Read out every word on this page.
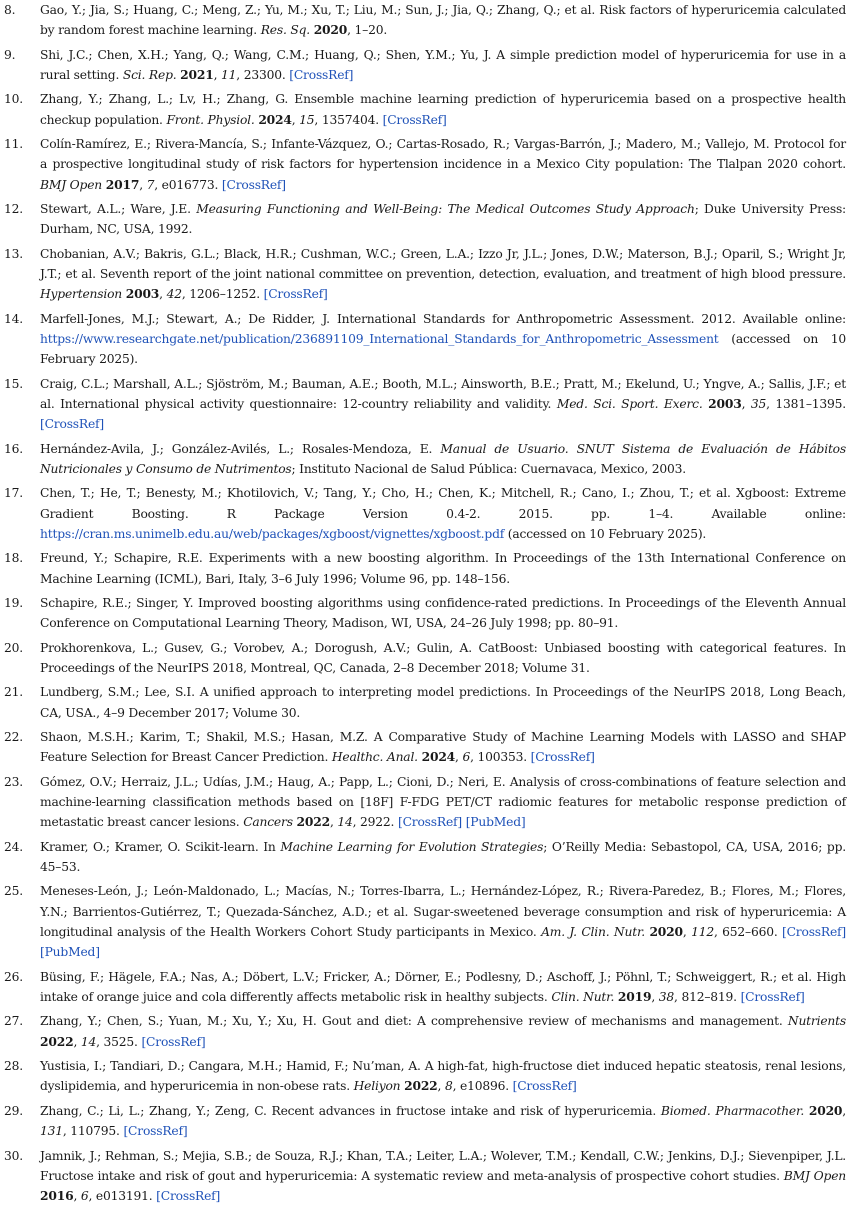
8.	Gao, Y.; Jia, S.; Huang, C.; Meng, Z.; Yu, M.; Xu, T.; Liu, M.; Sun, J.; Jia, Q.; Zhang, Q.; et al. Risk factors of hyperuricemia calculated by random forest machine learning. Res. Sq. 2020, 1–20.
9.	Shi, J.C.; Chen, X.H.; Yang, Q.; Wang, C.M.; Huang, Q.; Shen, Y.M.; Yu, J. A simple prediction model of hyperuricemia for use in a rural setting. Sci. Rep. 2021, 11, 23300. [CrossRef]
10.	Zhang, Y.; Zhang, L.; Lv, H.; Zhang, G. Ensemble machine learning prediction of hyperuricemia based on a prospective health checkup population. Front. Physiol. 2024, 15, 1357404. [CrossRef]
11.	Colín-Ramírez, E.; Rivera-Mancía, S.; Infante-Vázquez, O.; Cartas-Rosado, R.; Vargas-Barrón, J.; Madero, M.; Vallejo, M. Protocol for a prospective longitudinal study of risk factors for hypertension incidence in a Mexico City population: The Tlalpan 2020 cohort. BMJ Open 2017, 7, e016773. [CrossRef]
12.	Stewart, A.L.; Ware, J.E. Measuring Functioning and Well-Being: The Medical Outcomes Study Approach; Duke University Press: Durham, NC, USA, 1992.
13.	Chobanian, A.V.; Bakris, G.L.; Black, H.R.; Cushman, W.C.; Green, L.A.; Izzo Jr, J.L.; Jones, D.W.; Materson, B.J.; Oparil, S.; Wright Jr, J.T.; et al. Seventh report of the joint national committee on prevention, detection, evaluation, and treatment of high blood pressure. Hypertension 2003, 42, 1206–1252. [CrossRef]
14.	Marfell-Jones, M.J.; Stewart, A.; De Ridder, J. International Standards for Anthropometric Assessment. 2012. Available online: https://www.researchgate.net/publication/236891109_International_Standards_for_Anthropometric_Assessment (accessed on 10 February 2025).
15.	Craig, C.L.; Marshall, A.L.; Sjöström, M.; Bauman, A.E.; Booth, M.L.; Ainsworth, B.E.; Pratt, M.; Ekelund, U.; Yngve, A.; Sallis, J.F.; et al. International physical activity questionnaire: 12-country reliability and validity. Med. Sci. Sport. Exerc. 2003, 35, 1381–1395. [CrossRef]
16.	Hernández-Avila, J.; González-Avilés, L.; Rosales-Mendoza, E. Manual de Usuario. SNUT Sistema de Evaluación de Hábitos Nutricionales y Consumo de Nutrimentos; Instituto Nacional de Salud Pública: Cuernavaca, Mexico, 2003.
17.	Chen, T.; He, T.; Benesty, M.; Khotilovich, V.; Tang, Y.; Cho, H.; Chen, K.; Mitchell, R.; Cano, I.; Zhou, T.; et al. Xgboost: Extreme Gradient Boosting. R Package Version 0.4-2. 2015. pp. 1–4. Available online: https://cran.ms.unimelb.edu.au/web/packages/xgboost/vignettes/xgboost.pdf (accessed on 10 February 2025).
18.	Freund, Y.; Schapire, R.E. Experiments with a new boosting algorithm. In Proceedings of the 13th International Conference on Machine Learning (ICML), Bari, Italy, 3–6 July 1996; Volume 96, pp. 148–156.
19.	Schapire, R.E.; Singer, Y. Improved boosting algorithms using confidence-rated predictions. In Proceedings of the Eleventh Annual Conference on Computational Learning Theory, Madison, WI, USA, 24–26 July 1998; pp. 80–91.
20.	Prokhorenkova, L.; Gusev, G.; Vorobev, A.; Dorogush, A.V.; Gulin, A. CatBoost: Unbiased boosting with categorical features. In Proceedings of the NeurIPS 2018, Montreal, QC, Canada, 2–8 December 2018; Volume 31.
21.	Lundberg, S.M.; Lee, S.I. A unified approach to interpreting model predictions. In Proceedings of the NeurIPS 2018, Long Beach, CA, USA., 4–9 December 2017; Volume 30.
22.	Shaon, M.S.H.; Karim, T.; Shakil, M.S.; Hasan, M.Z. A Comparative Study of Machine Learning Models with LASSO and SHAP Feature Selection for Breast Cancer Prediction. Healthc. Anal. 2024, 6, 100353. [CrossRef]
23.	Gómez, O.V.; Herraiz, J.L.; Udías, J.M.; Haug, A.; Papp, L.; Cioni, D.; Neri, E. Analysis of cross-combinations of feature selection and machine-learning classification methods based on [18F] F-FDG PET/CT radiomic features for metabolic response prediction of metastatic breast cancer lesions. Cancers 2022, 14, 2922. [CrossRef] [PubMed]
24.	Kramer, O.; Kramer, O. Scikit-learn. In Machine Learning for Evolution Strategies; O’Reilly Media: Sebastopol, CA, USA, 2016; pp. 45–53.
25.	Meneses-León, J.; León-Maldonado, L.; Macías, N.; Torres-Ibarra, L.; Hernández-López, R.; Rivera-Paredez, B.; Flores, M.; Flores, Y.N.; Barrientos-Gutiérrez, T.; Quezada-Sánchez, A.D.; et al. Sugar-sweetened beverage consumption and risk of hyperuricemia: A longitudinal analysis of the Health Workers Cohort Study participants in Mexico. Am. J. Clin. Nutr. 2020, 112, 652–660. [CrossRef] [PubMed]
26.	Büsing, F.; Hägele, F.A.; Nas, A.; Döbert, L.V.; Fricker, A.; Dörner, E.; Podlesny, D.; Aschoff, J.; Pöhnl, T.; Schweiggert, R.; et al. High intake of orange juice and cola differently affects metabolic risk in healthy subjects. Clin. Nutr. 2019, 38, 812–819. [CrossRef]
27.	Zhang, Y.; Chen, S.; Yuan, M.; Xu, Y.; Xu, H. Gout and diet: A comprehensive review of mechanisms and management. Nutrients 2022, 14, 3525. [CrossRef]
28.	Yustisia, I.; Tandiari, D.; Cangara, M.H.; Hamid, F.; Nu’man, A. A high-fat, high-fructose diet induced hepatic steatosis, renal lesions, dyslipidemia, and hyperuricemia in non-obese rats. Heliyon 2022, 8, e10896. [CrossRef]
29.	Zhang, C.; Li, L.; Zhang, Y.; Zeng, C. Recent advances in fructose intake and risk of hyperuricemia. Biomed. Pharmacother. 2020, 131, 110795. [CrossRef]
30.	Jamnik, J.; Rehman, S.; Mejia, S.B.; de Souza, R.J.; Khan, T.A.; Leiter, L.A.; Wolever, T.M.; Kendall, C.W.; Jenkins, D.J.; Sievenpiper, J.L. Fructose intake and risk of gout and hyperuricemia: A systematic review and meta-analysis of prospective cohort studies. BMJ Open 2016, 6, e013191. [CrossRef]
